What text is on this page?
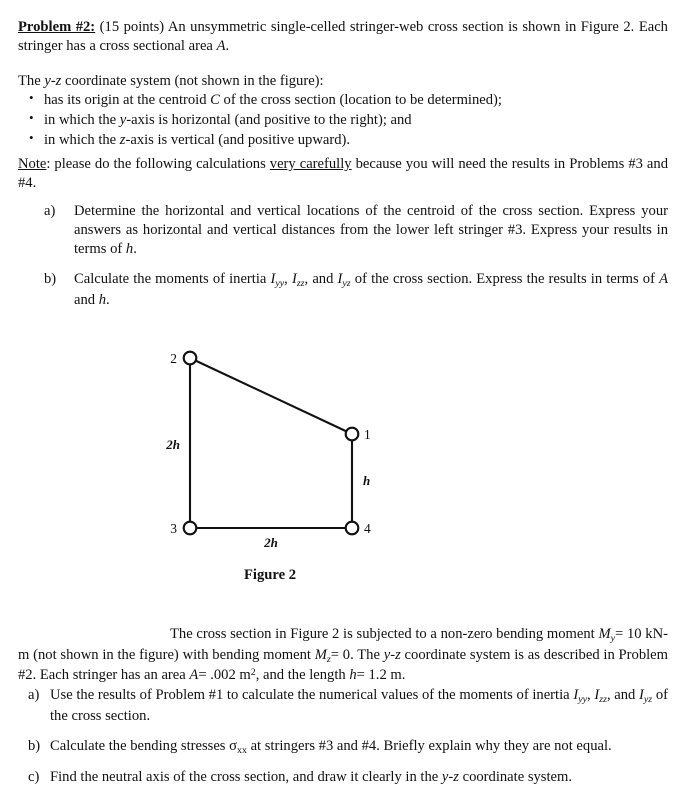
Problem #2: (15 points) An unsymmetric single-celled stringer-web cross section is shown in Figure 2. Each stringer has a cross sectional area A.
The y-z coordinate system (not shown in the figure):
• has its origin at the centroid C of the cross section (location to be determined);
• in which the y-axis is horizontal (and positive to the right); and
• in which the z-axis is vertical (and positive upward).
Note: please do the following calculations very carefully because you will need the results in Problems #3 and #4.
a)	Determine the horizontal and vertical locations of the centroid of the cross section. Express your answers as horizontal and vertical distances from the lower left stringer #3. Express your results in terms of h.
b)	Calculate the moments of inertia $I_{yy}$, $I_{zz}$, and $I_{yz}$ of the cross section. Express the results in terms of A and h.
2
1
3	4
2h
2h
h
Figure 2
The cross section in Figure 2 is subjected to a non-zero bending moment $M_y= 10$ kN-m (not shown in the figure) with bending moment $M_z= 0$. The y-z coordinate system is as described in Problem #2. Each stringer has an area A= .002 $m^2$, and the length h= 1.2 m.
a) Use the results of Problem #1 to calculate the numerical values of the moments of inertia $I_{yy}$, $I_{zz}$, and $I_{yz}$ of the cross section.
b) Calculate the bending stresses $\sigma_{xx}$ at stringers #3 and #4. Briefly explain why they are not equal.
c) Find the neutral axis of the cross section, and draw it clearly in the y-z coordinate system.
